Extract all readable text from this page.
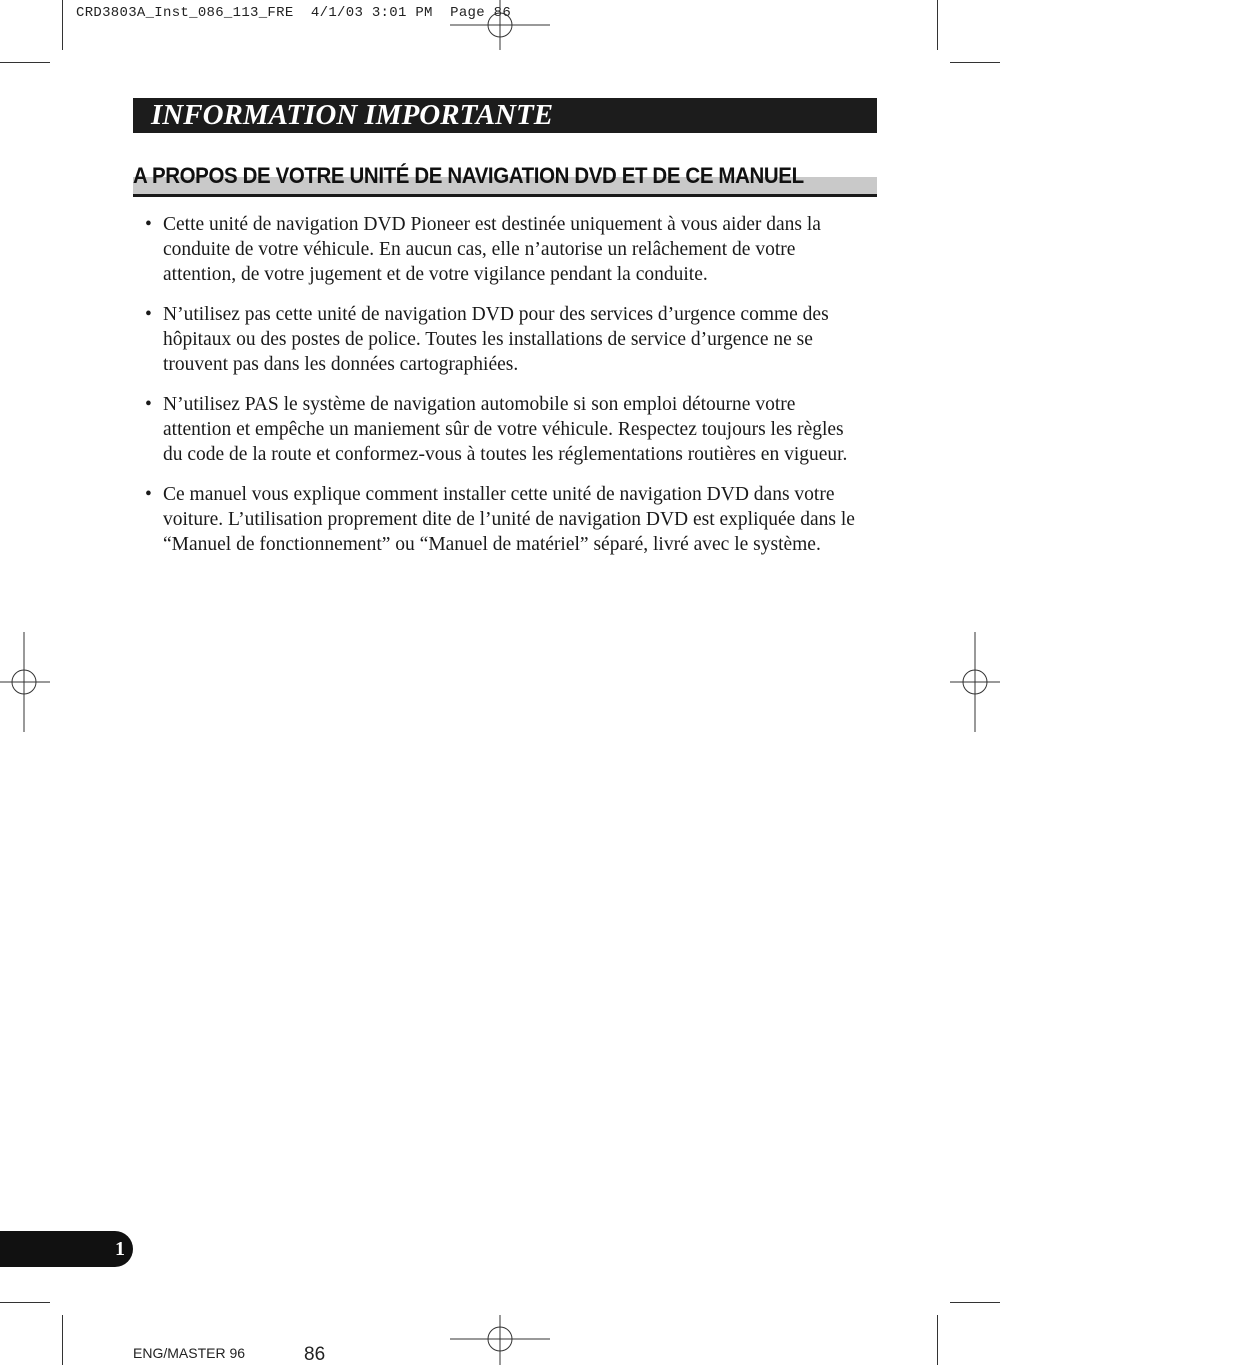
CRD3803A_Inst_086_113_FRE  4/1/03 3:01 PM  Page 86
INFORMATION IMPORTANTE
A PROPOS DE VOTRE UNITÉ DE NAVIGATION DVD ET DE CE MANUEL
• Cette unité de navigation DVD Pioneer est destinée uniquement à vous aider dans la conduite de votre véhicule. En aucun cas, elle n’autorise un relâchement de votre attention, de votre jugement et de votre vigilance pendant la conduite.
• N’utilisez pas cette unité de navigation DVD pour des services d’urgence comme des hôpitaux ou des postes de police. Toutes les installations de service d’urgence ne se trouvent pas dans les données cartographiées.
• N’utilisez PAS le système de navigation automobile si son emploi détourne votre attention et empêche un maniement sûr de votre véhicule. Respectez toujours les règles du code de la route et conformez-vous à toutes les réglementations routières en vigueur.
• Ce manuel vous explique comment installer cette unité de navigation DVD dans votre voiture. L’utilisation proprement dite de l’unité de navigation DVD est expliquée dans le “Manuel de fonctionnement” ou “Manuel de matériel” séparé, livré avec le système.
1
ENG/MASTER 96	86
